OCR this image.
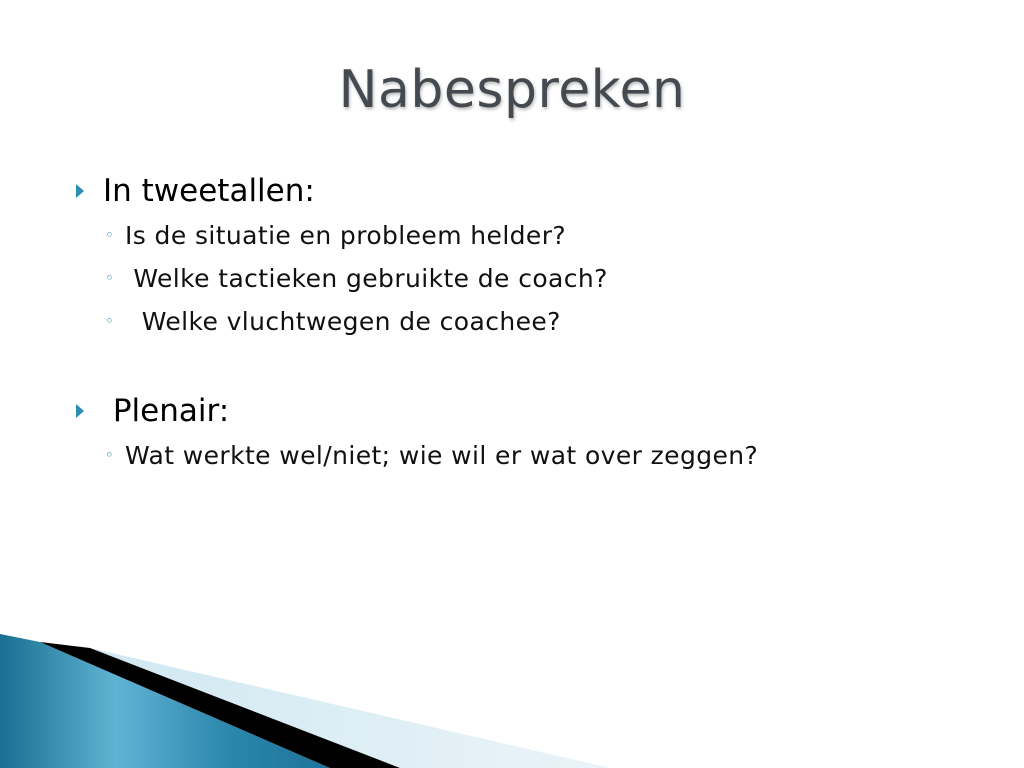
Nabespreken
In tweetallen:
◦ Is de situatie en probleem helder?
◦ Welke tactieken gebruikte de coach?
◦ Welke vluchtwegen de coachee?
Plenair:
◦ Wat werkte wel/niet; wie wil er wat over zeggen?
